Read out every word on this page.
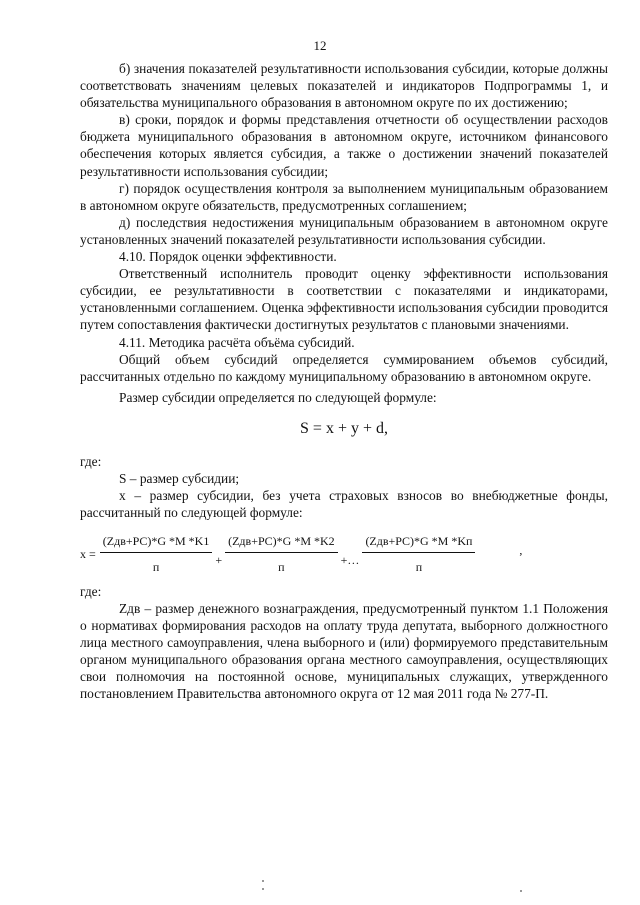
12

б) значения показателей результативности использования субсидии, которые должны соответствовать значениям целевых показателей и индикаторов Подпрограммы 1, и обязательства муниципального образования в автономном округе по их достижению;

в) сроки, порядок и формы представления отчетности об осуществлении расходов бюджета муниципального образования в автономном округе, источником финансового обеспечения которых является субсидия, а также о достижении значений показателей результативности использования субсидии;

г) порядок осуществления контроля за выполнением муниципальным образованием в автономном округе обязательств, предусмотренных соглашением;

д) последствия недостижения муниципальным образованием в автономном округе установленных значений показателей результативности использования субсидии.

4.10. Порядок оценки эффективности.

Ответственный исполнитель проводит оценку эффективности использования субсидии, ее результативности в соответствии с показателями и индикаторами, установленными соглашением. Оценка эффективности использования субсидии проводится путем сопоставления фактически достигнутых результатов с плановыми значениями.

4.11. Методика расчёта объёма субсидий.

Общий объем субсидий определяется суммированием объемов субсидий, рассчитанных отдельно по каждому муниципальному образованию в автономном округе.

Размер субсидии определяется по следующей формуле:

S = x + y + d,

где:

S – размер субсидии;

x – размер субсидии, без учета страховых взносов во внебюджетные фонды, рассчитанный по следующей формуле:

$x = \frac{\text{(Zдв+PC)*G *M *K1}}{п} + \frac{\text{(Zдв+PC)*G *M *K2}}{п}$ +… $\frac{\text{(Zдв+PC)*G *M *Kп}}{п}$	,

где:

Zдв – размер денежного вознаграждения, предусмотренный пунктом 1.1 Положения о нормативах формирования расходов на оплату труда депутата, выборного должностного лица местного самоуправления, члена выборного и (или) формируемого представительным органом муниципального образования органа местного самоуправления, осуществляющих свои полномочия на постоянной основе, муниципальных служащих, утвержденного постановлением Правительства автономного округа от 12 мая 2011 года № 277-П.
